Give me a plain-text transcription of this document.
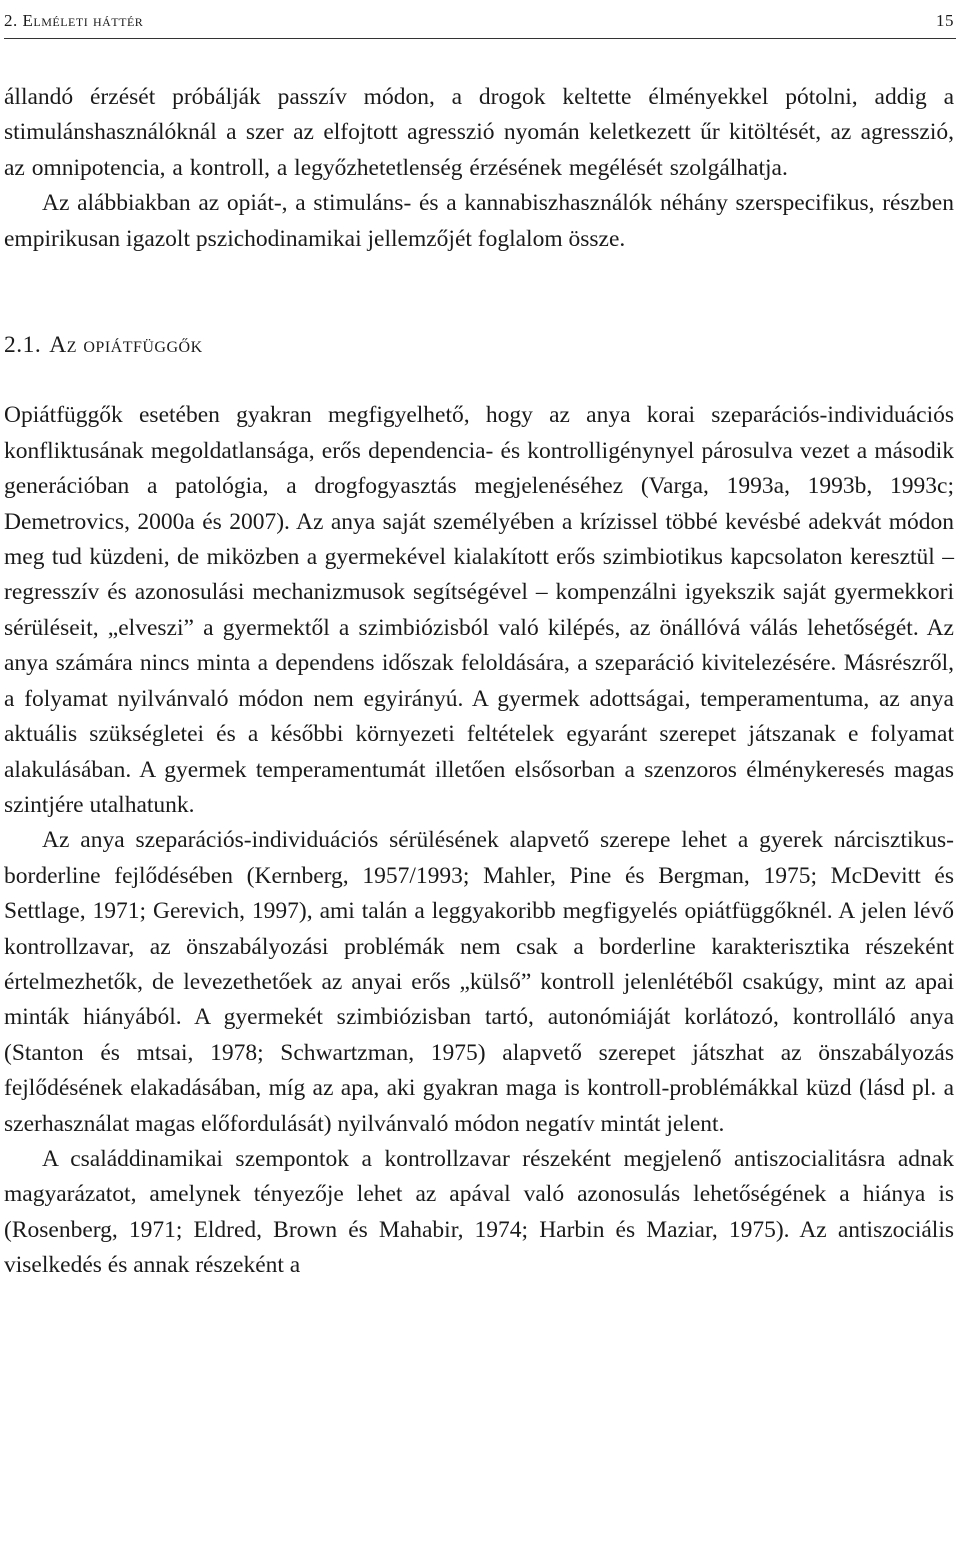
2. Elméleti háttér	15

állandó érzését próbálják passzív módon, a drogok keltette élményekkel pótolni, addig a stimulánshasználóknál a szer az elfojtott agresszió nyomán keletkezett űr kitöltését, az agresszió, az omnipotencia, a kontroll, a legyőzhetetlenség érzésének megélését szolgálhatja.

Az alábbiakban az opiát-, a stimuláns- és a kannabiszhasználók néhány szerspecifikus, részben empirikusan igazolt pszichodinamikai jellemzőjét foglalom össze.

2.1. Az opiátfüggők

Opiátfüggők esetében gyakran megfigyelhető, hogy az anya korai szeparációs-individuációs konfliktusának megoldatlansága, erős dependencia- és kontrolligénynyel párosulva vezet a második generációban a patológia, a drogfogyasztás megjelenéséhez (Varga, 1993a, 1993b, 1993c; Demetrovics, 2000a és 2007). Az anya saját személyében a krízissel többé kevésbé adekvát módon meg tud küzdeni, de miközben a gyermekével kialakított erős szimbiotikus kapcsolaton keresztül – regresszív és azonosulási mechanizmusok segítségével – kompenzálni igyekszik saját gyermekkori sérüléseit, „elveszi” a gyermektől a szimbiózisból való kilépés, az önállóvá válás lehetőségét. Az anya számára nincs minta a dependens időszak feloldására, a szeparáció kivitelezésére. Másrészről, a folyamat nyilvánvaló módon nem egyirányú. A gyermek adottságai, temperamentuma, az anya aktuális szükségletei és a későbbi környezeti feltételek egyaránt szerepet játszanak e folyamat alakulásában. A gyermek temperamentumát illetően elsősorban a szenzoros élménykeresés magas szintjére utalhatunk.

Az anya szeparációs-individuációs sérülésének alapvető szerepe lehet a gyerek nárcisztikus-borderline fejlődésében (Kernberg, 1957/1993; Mahler, Pine és Bergman, 1975; McDevitt és Settlage, 1971; Gerevich, 1997), ami talán a leggyakoribb megfigyelés opiátfüggőknél. A jelen lévő kontrollzavar, az önszabályozási problémák nem csak a borderline karakterisztika részeként értelmezhetők, de levezethetőek az anyai erős „külső” kontroll jelenlétéből csakúgy, mint az apai minták hiányából. A gyermekét szimbiózisban tartó, autonómiáját korlátozó, kontrolláló anya (Stanton és mtsai, 1978; Schwartzman, 1975) alapvető szerepet játszhat az önszabályozás fejlődésének elakadásában, míg az apa, aki gyakran maga is kontroll-problémákkal küzd (lásd pl. a szerhasználat magas előfordulását) nyilvánvaló módon negatív mintát jelent.

A családdinamikai szempontok a kontrollzavar részeként megjelenő antiszocialitásra adnak magyarázatot, amelynek tényezője lehet az apával való azonosulás lehetőségének a hiánya is (Rosenberg, 1971; Eldred, Brown és Mahabir, 1974; Harbin és Maziar, 1975). Az antiszociális viselkedés és annak részeként a
